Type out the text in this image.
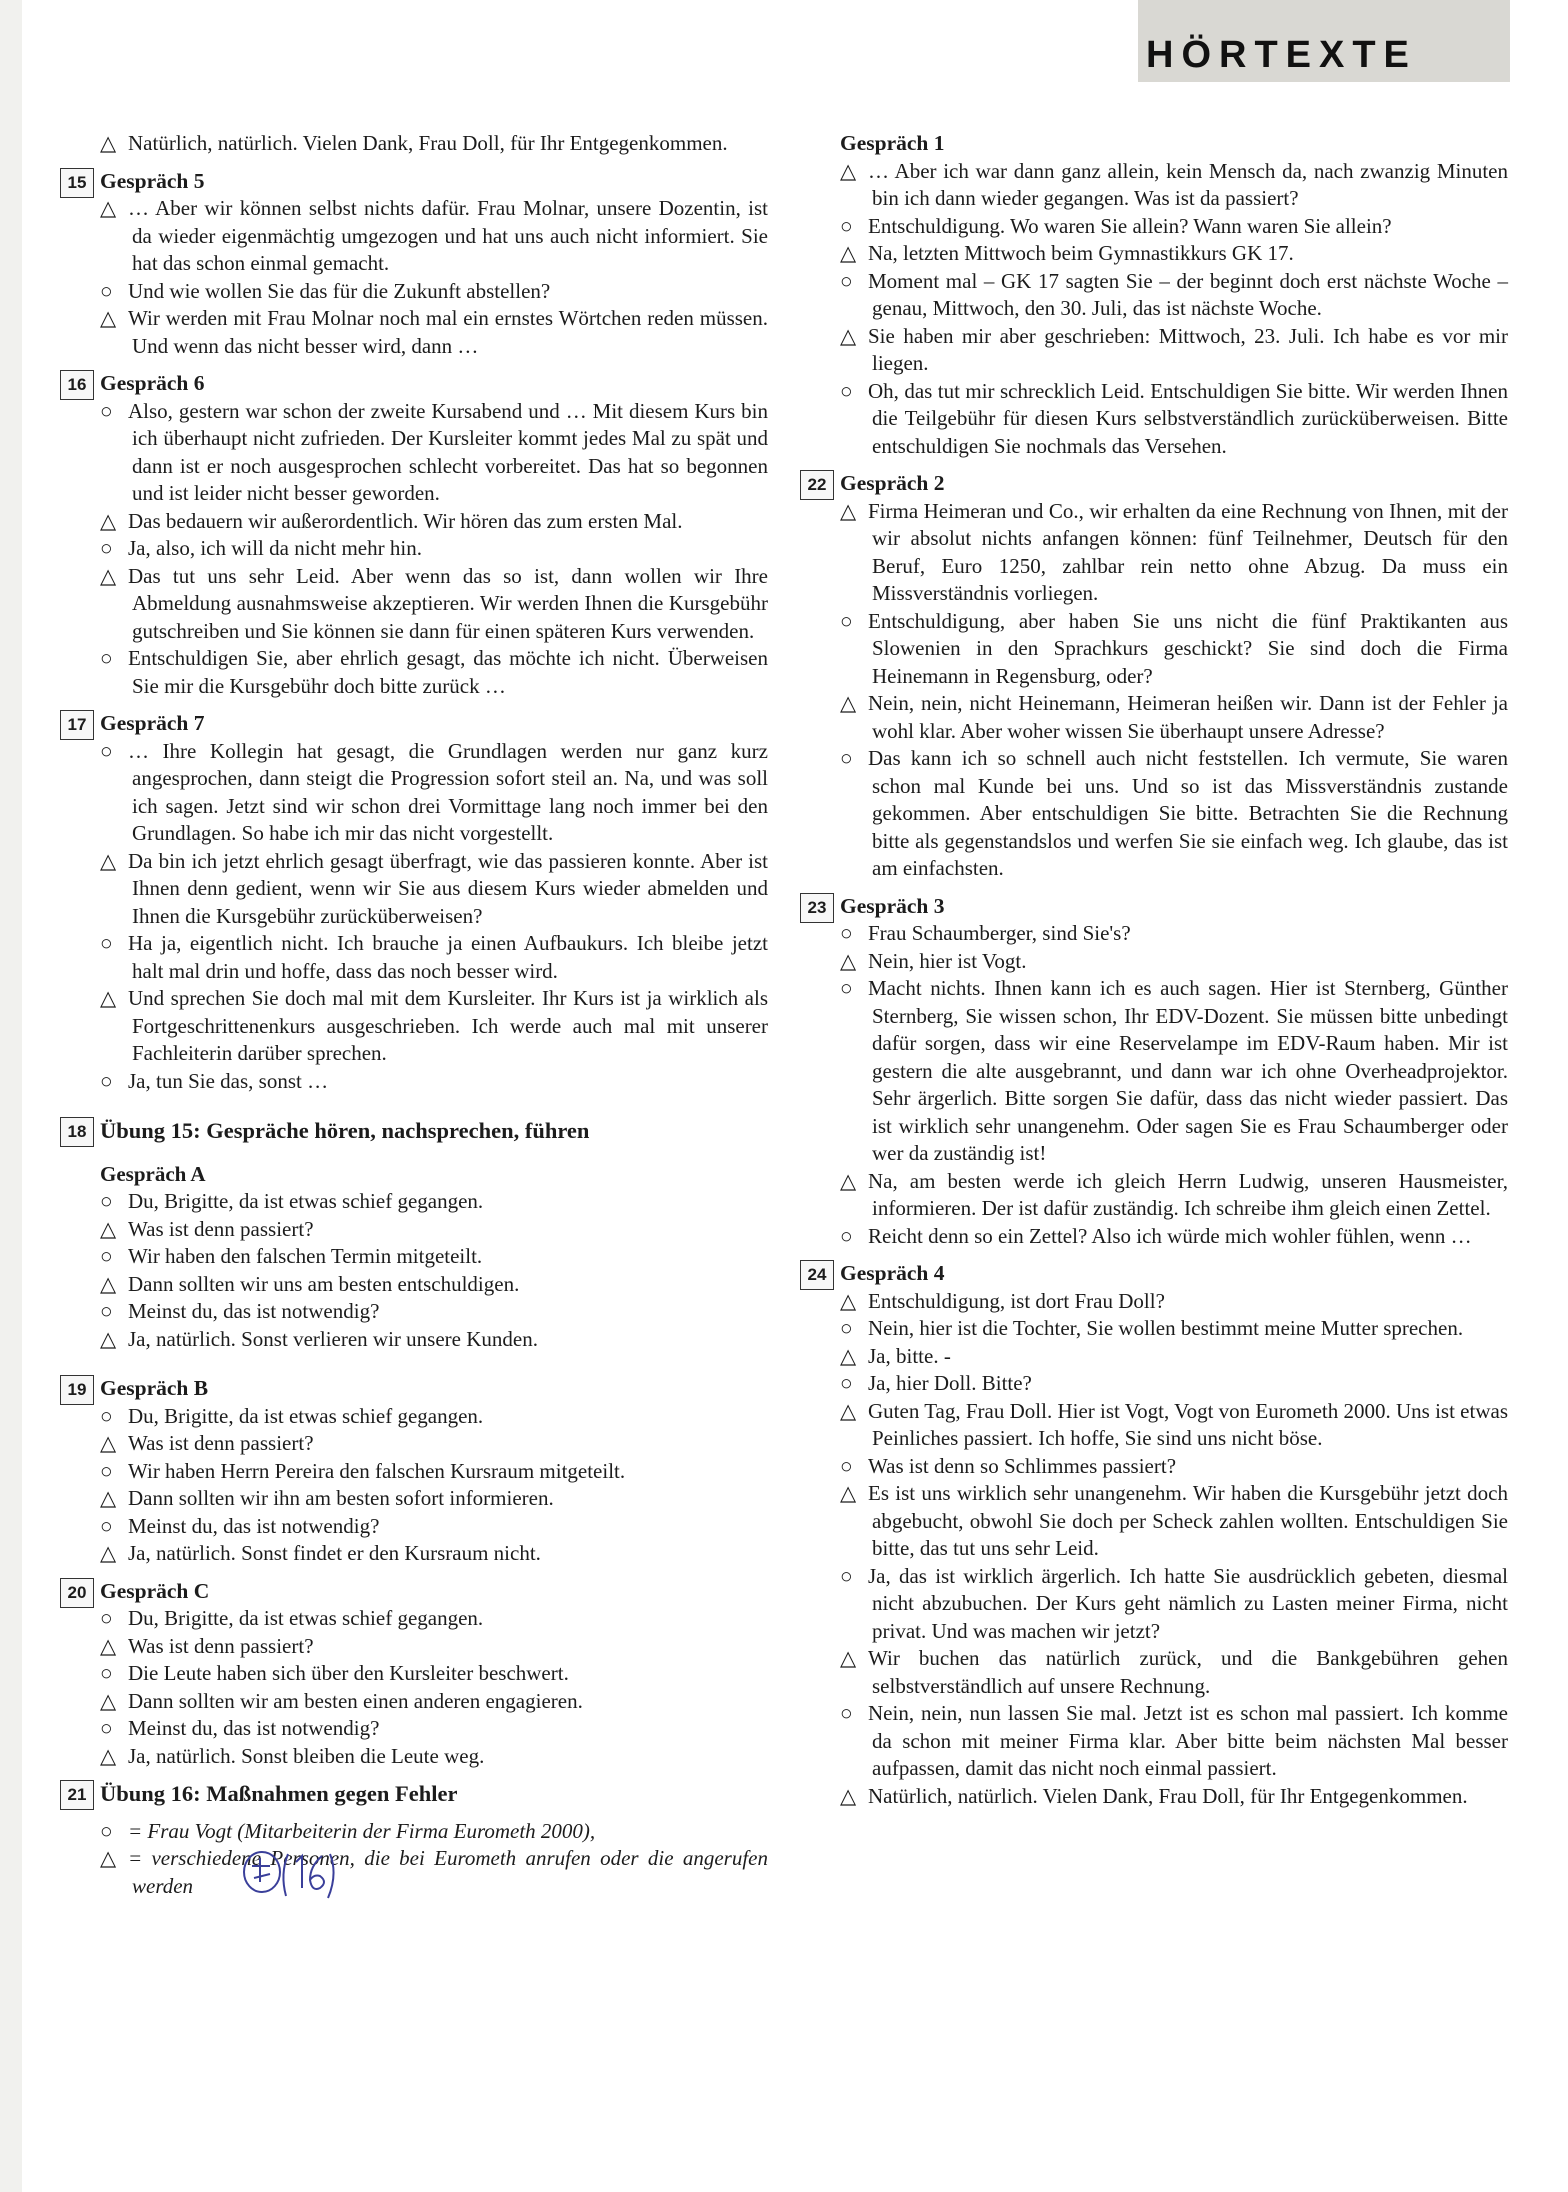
HÖRTEXTE
△ Natürlich, natürlich. Vielen Dank, Frau Doll, für Ihr Entgegenkommen.
15 Gespräch 5
△ … Aber wir können selbst nichts dafür. Frau Molnar, unsere Dozentin, ist da wieder eigenmächtig umgezogen und hat uns auch nicht informiert. Sie hat das schon einmal gemacht.
○ Und wie wollen Sie das für die Zukunft abstellen?
△ Wir werden mit Frau Molnar noch mal ein ernstes Wörtchen reden müssen. Und wenn das nicht besser wird, dann …
16 Gespräch 6
○ Also, gestern war schon der zweite Kursabend und … Mit diesem Kurs bin ich überhaupt nicht zufrieden. Der Kursleiter kommt jedes Mal zu spät und dann ist er noch ausgesprochen schlecht vorbereitet. Das hat so begonnen und ist leider nicht besser geworden.
△ Das bedauern wir außerordentlich. Wir hören das zum ersten Mal.
○ Ja, also, ich will da nicht mehr hin.
△ Das tut uns sehr Leid. Aber wenn das so ist, dann wollen wir Ihre Abmeldung ausnahmsweise akzeptieren. Wir werden Ihnen die Kursgebühr gutschreiben und Sie können sie dann für einen späteren Kurs verwenden.
○ Entschuldigen Sie, aber ehrlich gesagt, das möchte ich nicht. Überweisen Sie mir die Kursgebühr doch bitte zurück …
17 Gespräch 7
○ … Ihre Kollegin hat gesagt, die Grundlagen werden nur ganz kurz angesprochen, dann steigt die Progression sofort steil an. Na, und was soll ich sagen. Jetzt sind wir schon drei Vormittage lang noch immer bei den Grundlagen. So habe ich mir das nicht vorgestellt.
△ Da bin ich jetzt ehrlich gesagt überfragt, wie das passieren konnte. Aber ist Ihnen denn gedient, wenn wir Sie aus diesem Kurs wieder abmelden und Ihnen die Kursgebühr zurücküberweisen?
○ Ha ja, eigentlich nicht. Ich brauche ja einen Aufbaukurs. Ich bleibe jetzt halt mal drin und hoffe, dass das noch besser wird.
△ Und sprechen Sie doch mal mit dem Kursleiter. Ihr Kurs ist ja wirklich als Fortgeschrittenenkurs ausgeschrieben. Ich werde auch mal mit unserer Fachleiterin darüber sprechen.
○ Ja, tun Sie das, sonst …
18 Übung 15: Gespräche hören, nachsprechen, führen
Gespräch A
○ Du, Brigitte, da ist etwas schief gegangen.
△ Was ist denn passiert?
○ Wir haben den falschen Termin mitgeteilt.
△ Dann sollten wir uns am besten entschuldigen.
○ Meinst du, das ist notwendig?
△ Ja, natürlich. Sonst verlieren wir unsere Kunden.
19 Gespräch B
○ Du, Brigitte, da ist etwas schief gegangen.
△ Was ist denn passiert?
○ Wir haben Herrn Pereira den falschen Kursraum mitgeteilt.
△ Dann sollten wir ihn am besten sofort informieren.
○ Meinst du, das ist notwendig?
△ Ja, natürlich. Sonst findet er den Kursraum nicht.
20 Gespräch C
○ Du, Brigitte, da ist etwas schief gegangen.
△ Was ist denn passiert?
○ Die Leute haben sich über den Kursleiter beschwert.
△ Dann sollten wir am besten einen anderen engagieren.
○ Meinst du, das ist notwendig?
△ Ja, natürlich. Sonst bleiben die Leute weg.
21 Übung 16: Maßnahmen gegen Fehler
○ = Frau Vogt (Mitarbeiterin der Firma Eurometh 2000),
△ = verschiedene Personen, die bei Eurometh anrufen oder die angerufen werden
Gespräch 1
△ … Aber ich war dann ganz allein, kein Mensch da, nach zwanzig Minuten bin ich dann wieder gegangen. Was ist da passiert?
○ Entschuldigung. Wo waren Sie allein? Wann waren Sie allein?
△ Na, letzten Mittwoch beim Gymnastikkurs GK 17.
○ Moment mal – GK 17 sagten Sie – der beginnt doch erst nächste Woche – genau, Mittwoch, den 30. Juli, das ist nächste Woche.
△ Sie haben mir aber geschrieben: Mittwoch, 23. Juli. Ich habe es vor mir liegen.
○ Oh, das tut mir schrecklich Leid. Entschuldigen Sie bitte. Wir werden Ihnen die Teilgebühr für diesen Kurs selbstverständlich zurücküberweisen. Bitte entschuldigen Sie nochmals das Versehen.
22 Gespräch 2
△ Firma Heimeran und Co., wir erhalten da eine Rechnung von Ihnen, mit der wir absolut nichts anfangen können: fünf Teilnehmer, Deutsch für den Beruf, Euro 1250, zahlbar rein netto ohne Abzug. Da muss ein Missverständnis vorliegen.
○ Entschuldigung, aber haben Sie uns nicht die fünf Praktikanten aus Slowenien in den Sprachkurs geschickt? Sie sind doch die Firma Heinemann in Regensburg, oder?
△ Nein, nein, nicht Heinemann, Heimeran heißen wir. Dann ist der Fehler ja wohl klar. Aber woher wissen Sie überhaupt unsere Adresse?
○ Das kann ich so schnell auch nicht feststellen. Ich vermute, Sie waren schon mal Kunde bei uns. Und so ist das Missverständnis zustande gekommen. Aber entschuldigen Sie bitte. Betrachten Sie die Rechnung bitte als gegenstandslos und werfen Sie sie einfach weg. Ich glaube, das ist am einfachsten.
23 Gespräch 3
○ Frau Schaumberger, sind Sie's?
△ Nein, hier ist Vogt.
○ Macht nichts. Ihnen kann ich es auch sagen. Hier ist Sternberg, Günther Sternberg, Sie wissen schon, Ihr EDV-Dozent. Sie müssen bitte unbedingt dafür sorgen, dass wir eine Reservelampe im EDV-Raum haben. Mir ist gestern die alte ausgebrannt, und dann war ich ohne Overheadprojektor. Sehr ärgerlich. Bitte sorgen Sie dafür, dass das nicht wieder passiert. Das ist wirklich sehr unangenehm. Oder sagen Sie es Frau Schaumberger oder wer da zuständig ist!
△ Na, am besten werde ich gleich Herrn Ludwig, unseren Hausmeister, informieren. Der ist dafür zuständig. Ich schreibe ihm gleich einen Zettel.
○ Reicht denn so ein Zettel? Also ich würde mich wohler fühlen, wenn …
24 Gespräch 4
△ Entschuldigung, ist dort Frau Doll?
○ Nein, hier ist die Tochter, Sie wollen bestimmt meine Mutter sprechen.
△ Ja, bitte. -
○ Ja, hier Doll. Bitte?
△ Guten Tag, Frau Doll. Hier ist Vogt, Vogt von Eurometh 2000. Uns ist etwas Peinliches passiert. Ich hoffe, Sie sind uns nicht böse.
○ Was ist denn so Schlimmes passiert?
△ Es ist uns wirklich sehr unangenehm. Wir haben die Kursgebühr jetzt doch abgebucht, obwohl Sie doch per Scheck zahlen wollten. Entschuldigen Sie bitte, das tut uns sehr Leid.
○ Ja, das ist wirklich ärgerlich. Ich hatte Sie ausdrücklich gebeten, diesmal nicht abzubuchen. Der Kurs geht nämlich zu Lasten meiner Firma, nicht privat. Und was machen wir jetzt?
△ Wir buchen das natürlich zurück, und die Bankgebühren gehen selbstverständlich auf unsere Rechnung.
○ Nein, nein, nun lassen Sie mal. Jetzt ist es schon mal passiert. Ich komme da schon mit meiner Firma klar. Aber bitte beim nächsten Mal besser aufpassen, damit das nicht noch einmal passiert.
△ Natürlich, natürlich. Vielen Dank, Frau Doll, für Ihr Entgegenkommen.
